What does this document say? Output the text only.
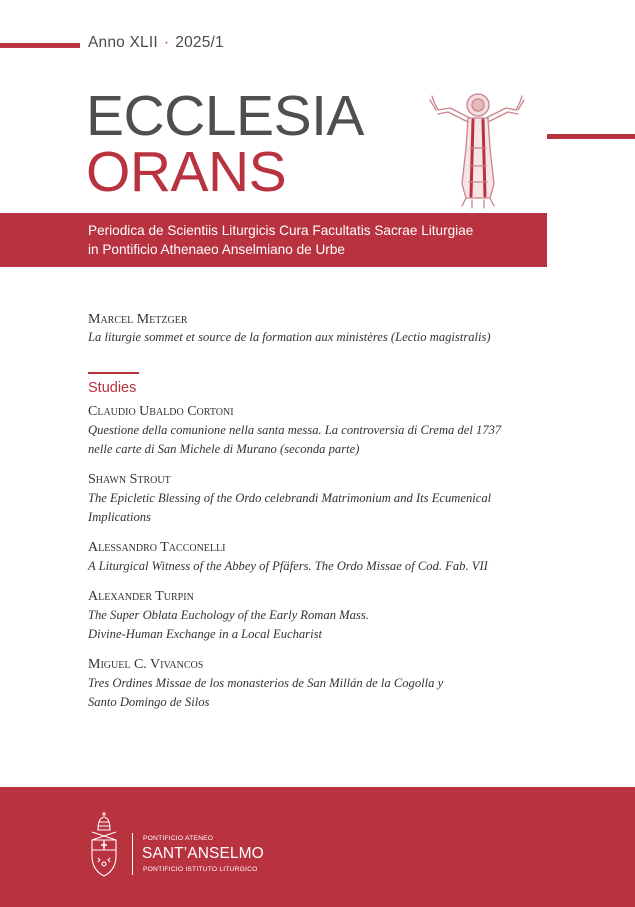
Anno XLII · 2025/1
ECCLESIA
ORANS
Periodica de Scientiis Liturgicis Cura Facultatis Sacrae Liturgiae
in Pontificio Athenaeo Anselmiano de Urbe
Marcel Metzger
La liturgie sommet et source de la formation aux ministères (Lectio magistralis)
Studies
Claudio Ubaldo Cortoni
Questione della comunione nella santa messa. La controversia di Crema del 1737
nelle carte di San Michele di Murano (seconda parte)
Shawn Strout
The Epicletic Blessing of the Ordo celebrandi Matrimonium and Its Ecumenical
Implications
Alessandro Tacconelli
A Liturgical Witness of the Abbey of Pfäfers. The Ordo Missae of Cod. Fab. VII
Alexander Turpin
The Super Oblata Euchology of the Early Roman Mass.
Divine-Human Exchange in a Local Eucharist
Miguel C. Vivancos
Tres Ordines Missae de los monasterios de San Millán de la Cogolla y
Santo Domingo de Silos
PONTIFICIO ATENEO
SANT’ANSELMO
PONTIFICIO ISTITUTO LITURGICO
